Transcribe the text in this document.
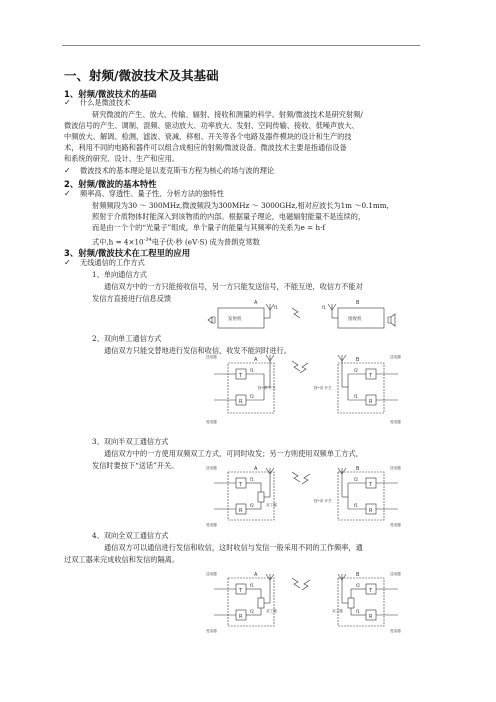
一、射频/微波技术及其基础
1、射频/微波技术的基础
✓ 什么是微波技术
研究微波的产生、放大、传输、辐射、接收和测量的科学。射频/微波技术是研究射频/
微波信号的产生、调制、混频、驱动放大、功率放大、发射、空间传输、接收、低噪声放大、
中频放大、解调、检测、滤波、衰减、移相、开关等各个电路及器件模块的设计和生产的技
术，利用不同的电路和器件可以组合成相应的射频/微波设备。微波技术主要是指通信设备
和系统的研究、设计、生产和应用。
✓ 微波技术的基本理论是以麦克斯韦方程为核心的场与波的理论
2、射频/微波的基本特性
✓ 频率高、穿透性、量子性、分析方法的独特性
射频频段为30 ～ 300MHz,微波频段为300MHz ～ 3000GHz,相对应波长为1m ～0.1mm,
照射于介质物体时能深入到该物质的内部。根据量子理论，电磁辐射能量不是连续的，
而是由一个个的“光量子”组成，单个量子的能量与其频率的关系为e = h·f
式中$,h = 4\times 10^{-34}$电子伏·秒 (eV·S) 成为普朗克常数
3、射频/微波技术在工程里的应用
✓ 无线通信的工作方式
1、单向通信方式
通信双方中的一方只能接收信号，另一方只能发送信号，不能互逆，收信方不能对
发信方直接进行信息反馈
2、双向单工通信方式
通信双方只能交替地进行发信和收信，收发不能同时进行。
3、双向半双工通信方式
通信双方中的一方使用双频双工方式，可同时收发；另一方则使用双频单工方式，
发信时要按下“送话”开关。
4、双向全双工通信方式
通信双方可以通信进行发信和收信，这时收信与发信一般采用不同的工作频率，通
过双工器来完成收信和发信的隔离。
A	B
发射机	接收机
f1	f1
A	B
T
R
T
R
f1
f2
f2
f1
按•讲 开关	按•讲 开关
送话器
受话器
送话器
受话器
A	B
T
R
T
R
f1
f2
f2
f1
双工器
按•讲 开关
送话器
受话器
送话器
受话器
A	B
T
R
T
R
f1
f2
f2
f1
双工器	双工器
送话器
受话器
送话器
受话器
